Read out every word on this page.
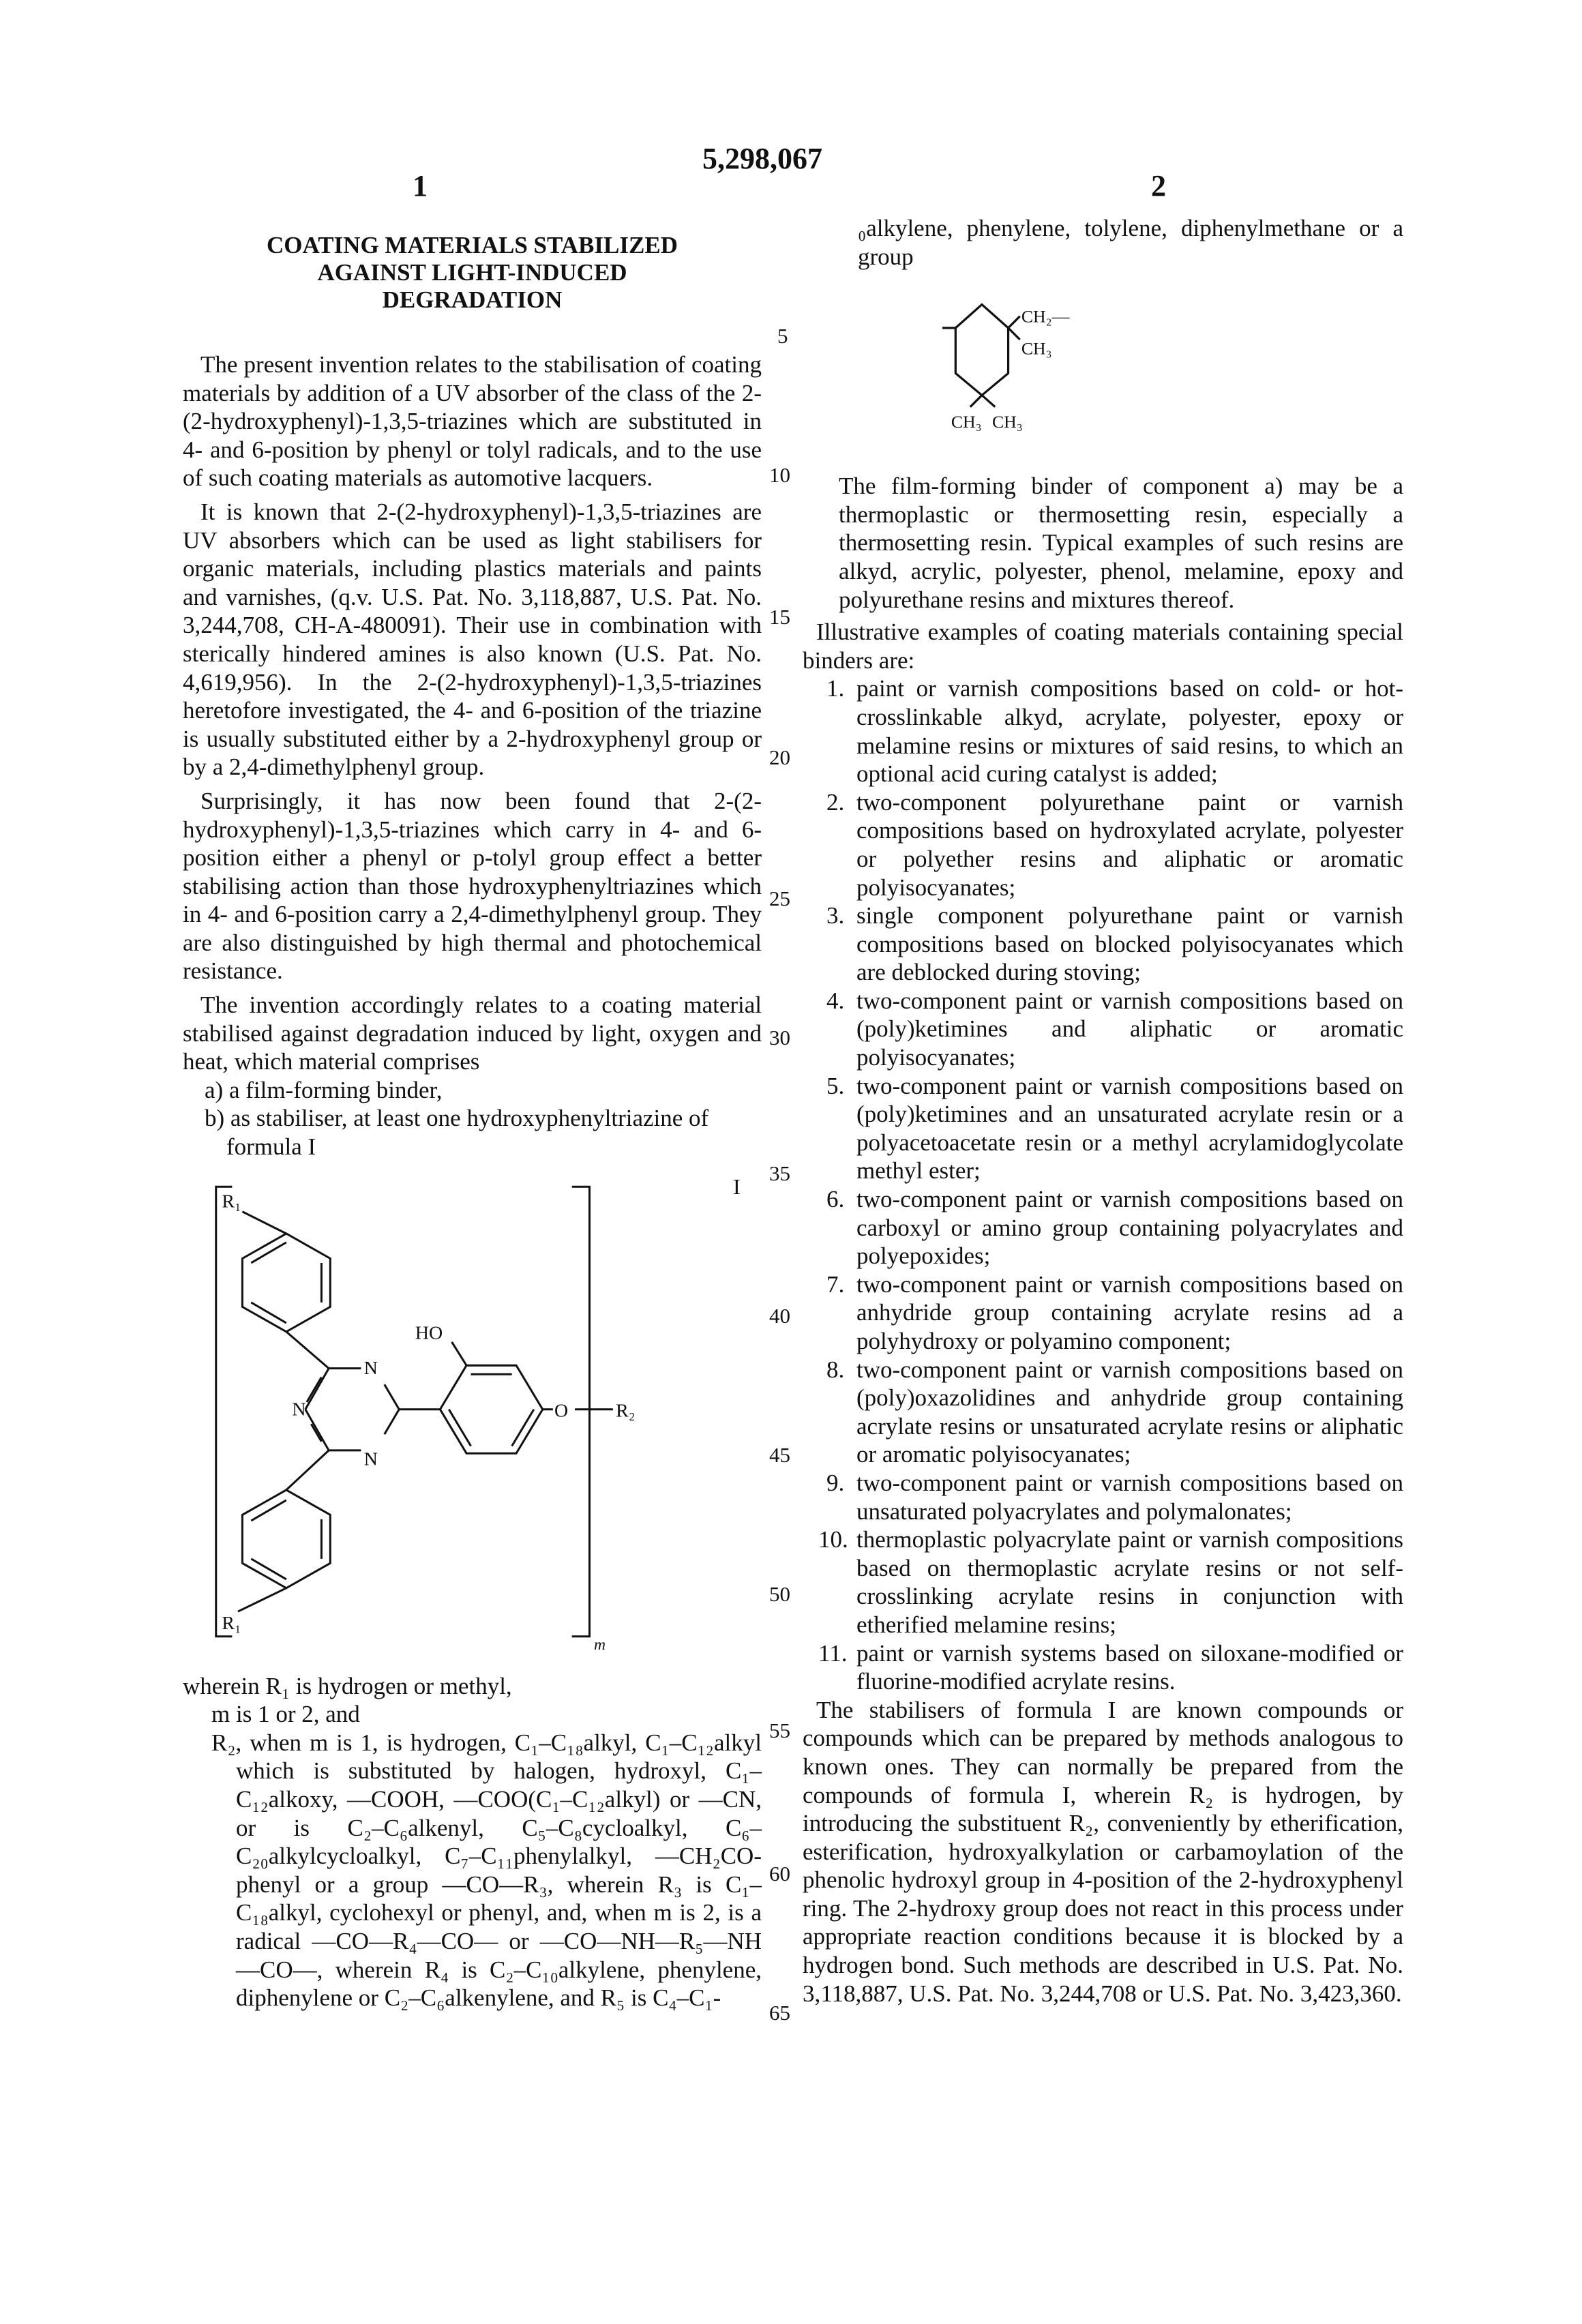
5,298,067
1	2
COATING MATERIALS STABILIZED AGAINST LIGHT-INDUCED DEGRADATION
The present invention relates to the stabilisation of coating materials by addition of a UV absorber of the class of the 2-(2-hydroxyphenyl)-1,3,5-triazines which are substituted in 4- and 6-position by phenyl or tolyl radicals, and to the use of such coating materials as automotive lacquers.
It is known that 2-(2-hydroxyphenyl)-1,3,5-triazines are UV absorbers which can be used as light stabilisers for organic materials, including plastics materials and paints and varnishes, (q.v. U.S. Pat. No. 3,118,887, U.S. Pat. No. 3,244,708, CH-A-480091). Their use in combination with sterically hindered amines is also known (U.S. Pat. No. 4,619,956). In the 2-(2-hydroxyphenyl)-1,3,5-triazines heretofore investigated, the 4- and 6-position of the triazine is usually substituted either by a 2-hydroxyphenyl group or by a 2,4-dimethylphenyl group.
Surprisingly, it has now been found that 2-(2-hydroxyphenyl)-1,3,5-triazines which carry in 4- and 6-position either a phenyl or p-tolyl group effect a better stabilising action than those hydroxyphenyltriazines which in 4- and 6-position carry a 2,4-dimethylphenyl group. They are also distinguished by high thermal and photochemical resistance.
The invention accordingly relates to a coating material stabilised against degradation induced by light, oxygen and heat, which material comprises
a) a film-forming binder,
b) as stabiliser, at least one hydroxyphenyltriazine of formula I
R₁
R₁
HO
N
N
N
O	R₂
m
I
wherein R₁ is hydrogen or methyl,
m is 1 or 2, and
R₂, when m is 1, is hydrogen, C₁–C₁₈alkyl, C₁–C₁₂alkyl which is substituted by halogen, hydroxyl, C₁–C₁₂alkoxy, —COOH, —COO(C₁–C₁₂alkyl) or —CN, or is C₂–C₆alkenyl, C₅–C₈cycloalkyl, C₆–C₂₀alkylcycloalkyl, C₇–C₁₁phenylalkyl, —CH₂CO-phenyl or a group —CO—R₃, wherein R₃ is C₁–C₁₈alkyl, cyclohexyl or phenyl, and, when m is 2, is a radical —CO—R₄—CO— or —CO—NH—R₅—NH—CO—, wherein R₄ is C₂–C₁₀alkylene, phenylene, diphenylene or C₂–C₆alkenylene, and R₅ is C₄–C₁-
5
10
15
20
25
30
35
40
45
50
55
60
65
₀alkylene, phenylene, tolylene, diphenylmethane or a group
CH₂—
CH₃
CH₃ CH₃
The film-forming binder of component a) may be a thermoplastic or thermosetting resin, especially a thermosetting resin. Typical examples of such resins are alkyd, acrylic, polyester, phenol, melamine, epoxy and polyurethane resins and mixtures thereof.
Illustrative examples of coating materials containing special binders are:
1. paint or varnish compositions based on cold- or hot-crosslinkable alkyd, acrylate, polyester, epoxy or melamine resins or mixtures of said resins, to which an optional acid curing catalyst is added;
2. two-component polyurethane paint or varnish compositions based on hydroxylated acrylate, polyester or polyether resins and aliphatic or aromatic polyisocyanates;
3. single component polyurethane paint or varnish compositions based on blocked polyisocyanates which are deblocked during stoving;
4. two-component paint or varnish compositions based on (poly)ketimines and aliphatic or aromatic polyisocyanates;
5. two-component paint or varnish compositions based on (poly)ketimines and an unsaturated acrylate resin or a polyacetoacetate resin or a methyl acrylamidoglycolate methyl ester;
6. two-component paint or varnish compositions based on carboxyl or amino group containing polyacrylates and polyepoxides;
7. two-component paint or varnish compositions based on anhydride group containing acrylate resins ad a polyhydroxy or polyamino component;
8. two-component paint or varnish compositions based on (poly)oxazolidines and anhydride group containing acrylate resins or unsaturated acrylate resins or aliphatic or aromatic polyisocyanates;
9. two-component paint or varnish compositions based on unsaturated polyacrylates and polymalonates;
10. thermoplastic polyacrylate paint or varnish compositions based on thermoplastic acrylate resins or not self-crosslinking acrylate resins in conjunction with etherified melamine resins;
11. paint or varnish systems based on siloxane-modified or fluorine-modified acrylate resins.
The stabilisers of formula I are known compounds or compounds which can be prepared by methods analogous to known ones. They can normally be prepared from the compounds of formula I, wherein R₂ is hydrogen, by introducing the substituent R₂, conveniently by etherification, esterification, hydroxyalkylation or carbamoylation of the phenolic hydroxyl group in 4-position of the 2-hydroxyphenyl ring. The 2-hydroxy group does not react in this process under appropriate reaction conditions because it is blocked by a hydrogen bond. Such methods are described in U.S. Pat. No. 3,118,887, U.S. Pat. No. 3,244,708 or U.S. Pat. No. 3,423,360.
